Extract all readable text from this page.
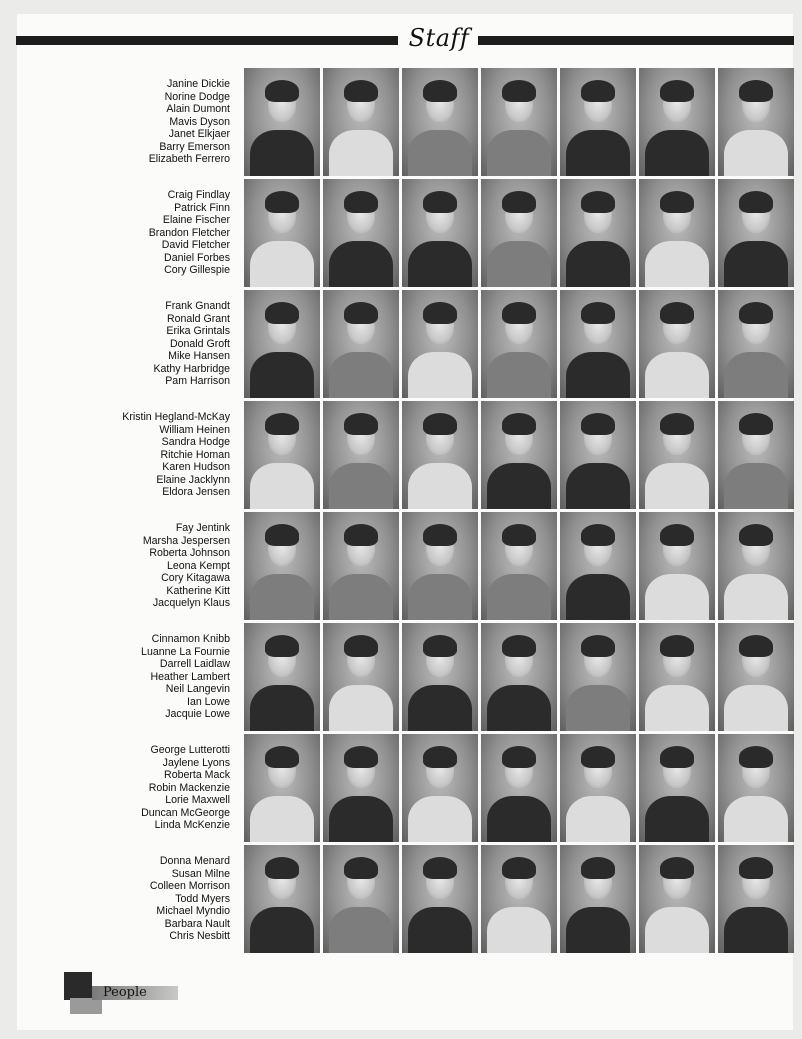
Staff
Janine Dickie
Norine Dodge
Alain Dumont
Mavis Dyson
Janet Elkjaer
Barry Emerson
Elizabeth Ferrero
Craig Findlay
Patrick Finn
Elaine Fischer
Brandon Fletcher
David Fletcher
Daniel Forbes
Cory Gillespie
Frank Gnandt
Ronald Grant
Erika Grintals
Donald Groft
Mike Hansen
Kathy Harbridge
Pam Harrison
Kristin Hegland-McKay
William Heinen
Sandra Hodge
Ritchie Homan
Karen Hudson
Elaine Jacklynn
Eldora Jensen
Fay Jentink
Marsha Jespersen
Roberta Johnson
Leona Kempt
Cory Kitagawa
Katherine Kitt
Jacquelyn Klaus
Cinnamon Knibb
Luanne La Fournie
Darrell Laidlaw
Heather Lambert
Neil Langevin
Ian Lowe
Jacquie Lowe
George Lutterotti
Jaylene Lyons
Roberta Mack
Robin Mackenzie
Lorie Maxwell
Duncan McGeorge
Linda McKenzie
Donna Menard
Susan Milne
Colleen Morrison
Todd Myers
Michael Myndio
Barbara Nault
Chris Nesbitt
People
